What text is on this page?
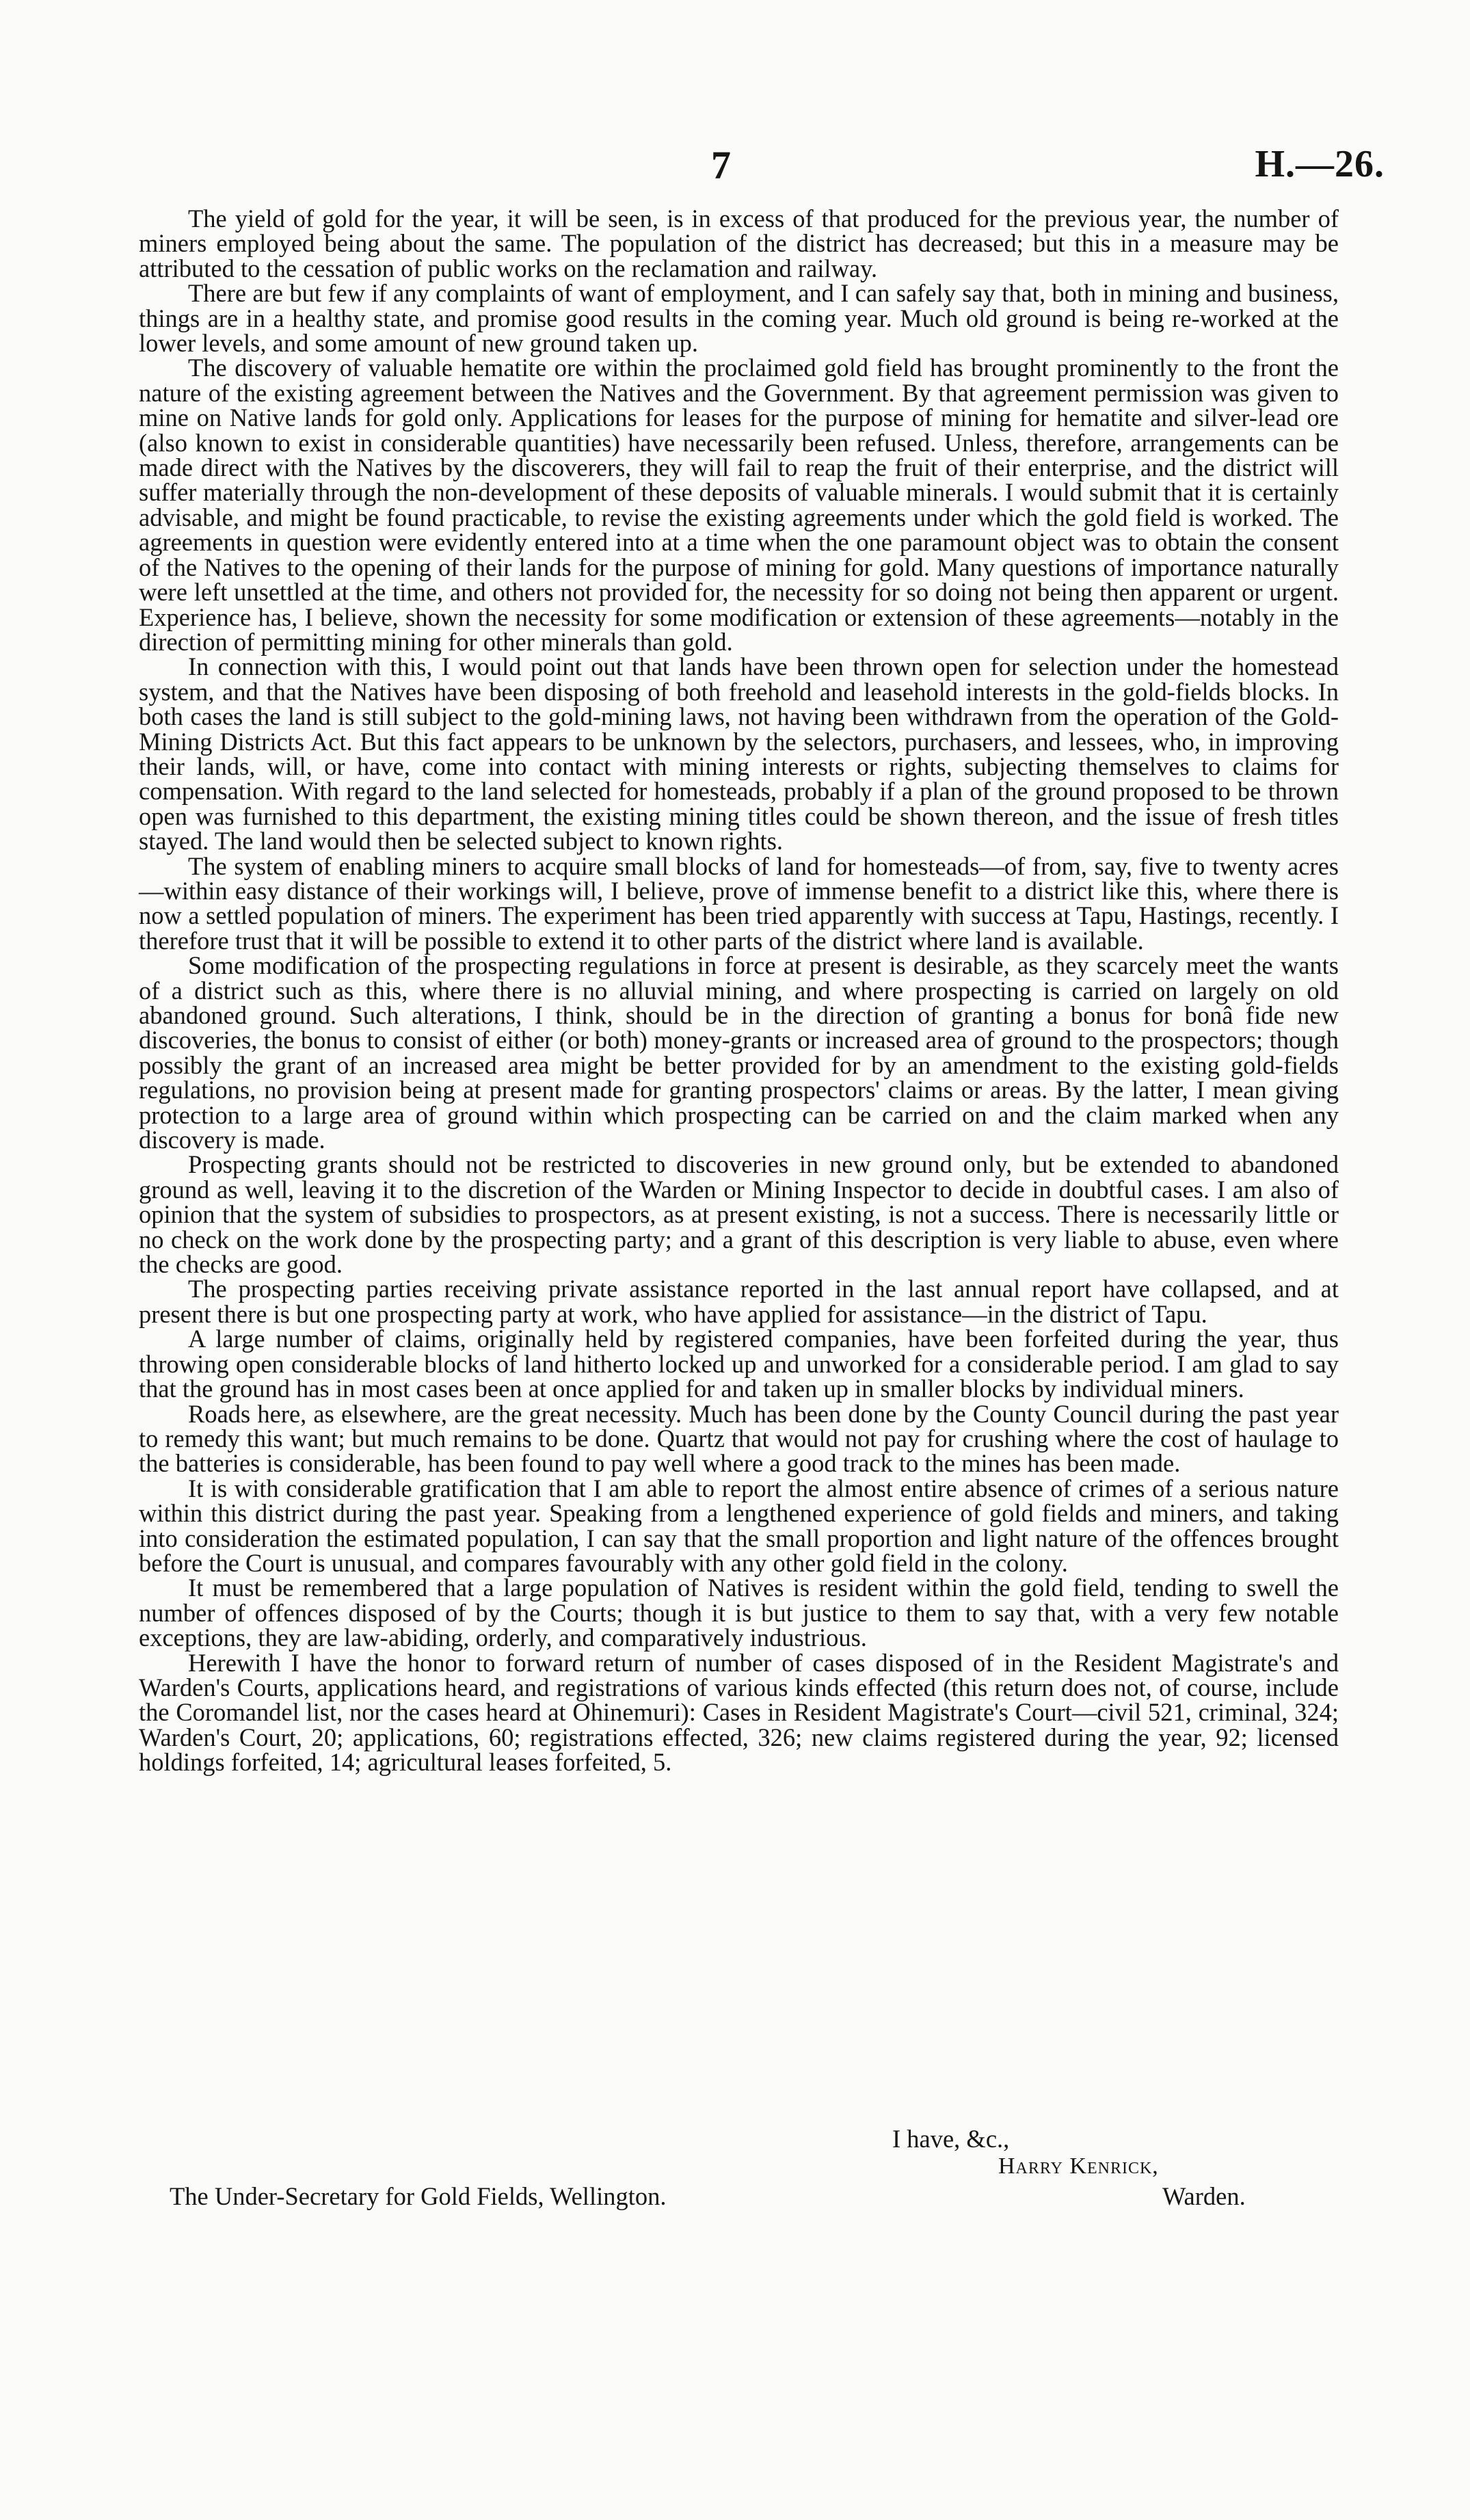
7	H.—26.

The yield of gold for the year, it will be seen, is in excess of that produced for the previous year, the number of miners employed being about the same. The population of the district has decreased; but this in a measure may be attributed to the cessation of public works on the reclamation and railway.

There are but few if any complaints of want of employment, and I can safely say that, both in mining and business, things are in a healthy state, and promise good results in the coming year. Much old ground is being re-worked at the lower levels, and some amount of new ground taken up.

The discovery of valuable hematite ore within the proclaimed gold field has brought prominently to the front the nature of the existing agreement between the Natives and the Government. By that agreement permission was given to mine on Native lands for gold only. Applications for leases for the purpose of mining for hematite and silver-lead ore (also known to exist in considerable quantities) have necessarily been refused. Unless, therefore, arrangements can be made direct with the Natives by the discoverers, they will fail to reap the fruit of their enterprise, and the district will suffer materially through the non-development of these deposits of valuable minerals. I would submit that it is certainly advisable, and might be found practicable, to revise the existing agreements under which the gold field is worked. The agreements in question were evidently entered into at a time when the one paramount object was to obtain the consent of the Natives to the opening of their lands for the purpose of mining for gold. Many questions of importance naturally were left unsettled at the time, and others not provided for, the necessity for so doing not being then apparent or urgent. Experience has, I believe, shown the necessity for some modification or extension of these agreements—notably in the direction of permitting mining for other minerals than gold.

In connection with this, I would point out that lands have been thrown open for selection under the homestead system, and that the Natives have been disposing of both freehold and leasehold interests in the gold-fields blocks. In both cases the land is still subject to the gold-mining laws, not having been withdrawn from the operation of the Gold-Mining Districts Act. But this fact appears to be unknown by the selectors, purchasers, and lessees, who, in improving their lands, will, or have, come into contact with mining interests or rights, subjecting themselves to claims for compensation. With regard to the land selected for homesteads, probably if a plan of the ground proposed to be thrown open was furnished to this department, the existing mining titles could be shown thereon, and the issue of fresh titles stayed. The land would then be selected subject to known rights.

The system of enabling miners to acquire small blocks of land for homesteads—of from, say, five to twenty acres—within easy distance of their workings will, I believe, prove of immense benefit to a district like this, where there is now a settled population of miners. The experiment has been tried apparently with success at Tapu, Hastings, recently. I therefore trust that it will be possible to extend it to other parts of the district where land is available.

Some modification of the prospecting regulations in force at present is desirable, as they scarcely meet the wants of a district such as this, where there is no alluvial mining, and where prospecting is carried on largely on old abandoned ground. Such alterations, I think, should be in the direction of granting a bonus for bonâ fide new discoveries, the bonus to consist of either (or both) money-grants or increased area of ground to the prospectors; though possibly the grant of an increased area might be better provided for by an amendment to the existing gold-fields regulations, no provision being at present made for granting prospectors' claims or areas. By the latter, I mean giving protection to a large area of ground within which prospecting can be carried on and the claim marked when any discovery is made.

Prospecting grants should not be restricted to discoveries in new ground only, but be extended to abandoned ground as well, leaving it to the discretion of the Warden or Mining Inspector to decide in doubtful cases. I am also of opinion that the system of subsidies to prospectors, as at present existing, is not a success. There is necessarily little or no check on the work done by the prospecting party; and a grant of this description is very liable to abuse, even where the checks are good.

The prospecting parties receiving private assistance reported in the last annual report have collapsed, and at present there is but one prospecting party at work, who have applied for assistance—in the district of Tapu.

A large number of claims, originally held by registered companies, have been forfeited during the year, thus throwing open considerable blocks of land hitherto locked up and unworked for a considerable period. I am glad to say that the ground has in most cases been at once applied for and taken up in smaller blocks by individual miners.

Roads here, as elsewhere, are the great necessity. Much has been done by the County Council during the past year to remedy this want; but much remains to be done. Quartz that would not pay for crushing where the cost of haulage to the batteries is considerable, has been found to pay well where a good track to the mines has been made.

It is with considerable gratification that I am able to report the almost entire absence of crimes of a serious nature within this district during the past year. Speaking from a lengthened experience of gold fields and miners, and taking into consideration the estimated population, I can say that the small proportion and light nature of the offences brought before the Court is unusual, and compares favourably with any other gold field in the colony.

It must be remembered that a large population of Natives is resident within the gold field, tending to swell the number of offences disposed of by the Courts; though it is but justice to them to say that, with a very few notable exceptions, they are law-abiding, orderly, and comparatively industrious.

Herewith I have the honor to forward return of number of cases disposed of in the Resident Magistrate's and Warden's Courts, applications heard, and registrations of various kinds effected (this return does not, of course, include the Coromandel list, nor the cases heard at Ohinemuri): Cases in Resident Magistrate's Court—civil 521, criminal, 324; Warden's Court, 20; applications, 60; registrations effected, 326; new claims registered during the year, 92; licensed holdings forfeited, 14; agricultural leases forfeited, 5.

I have, &c.,
Harry Kenrick,
The Under-Secretary for Gold Fields, Wellington.	Warden.
